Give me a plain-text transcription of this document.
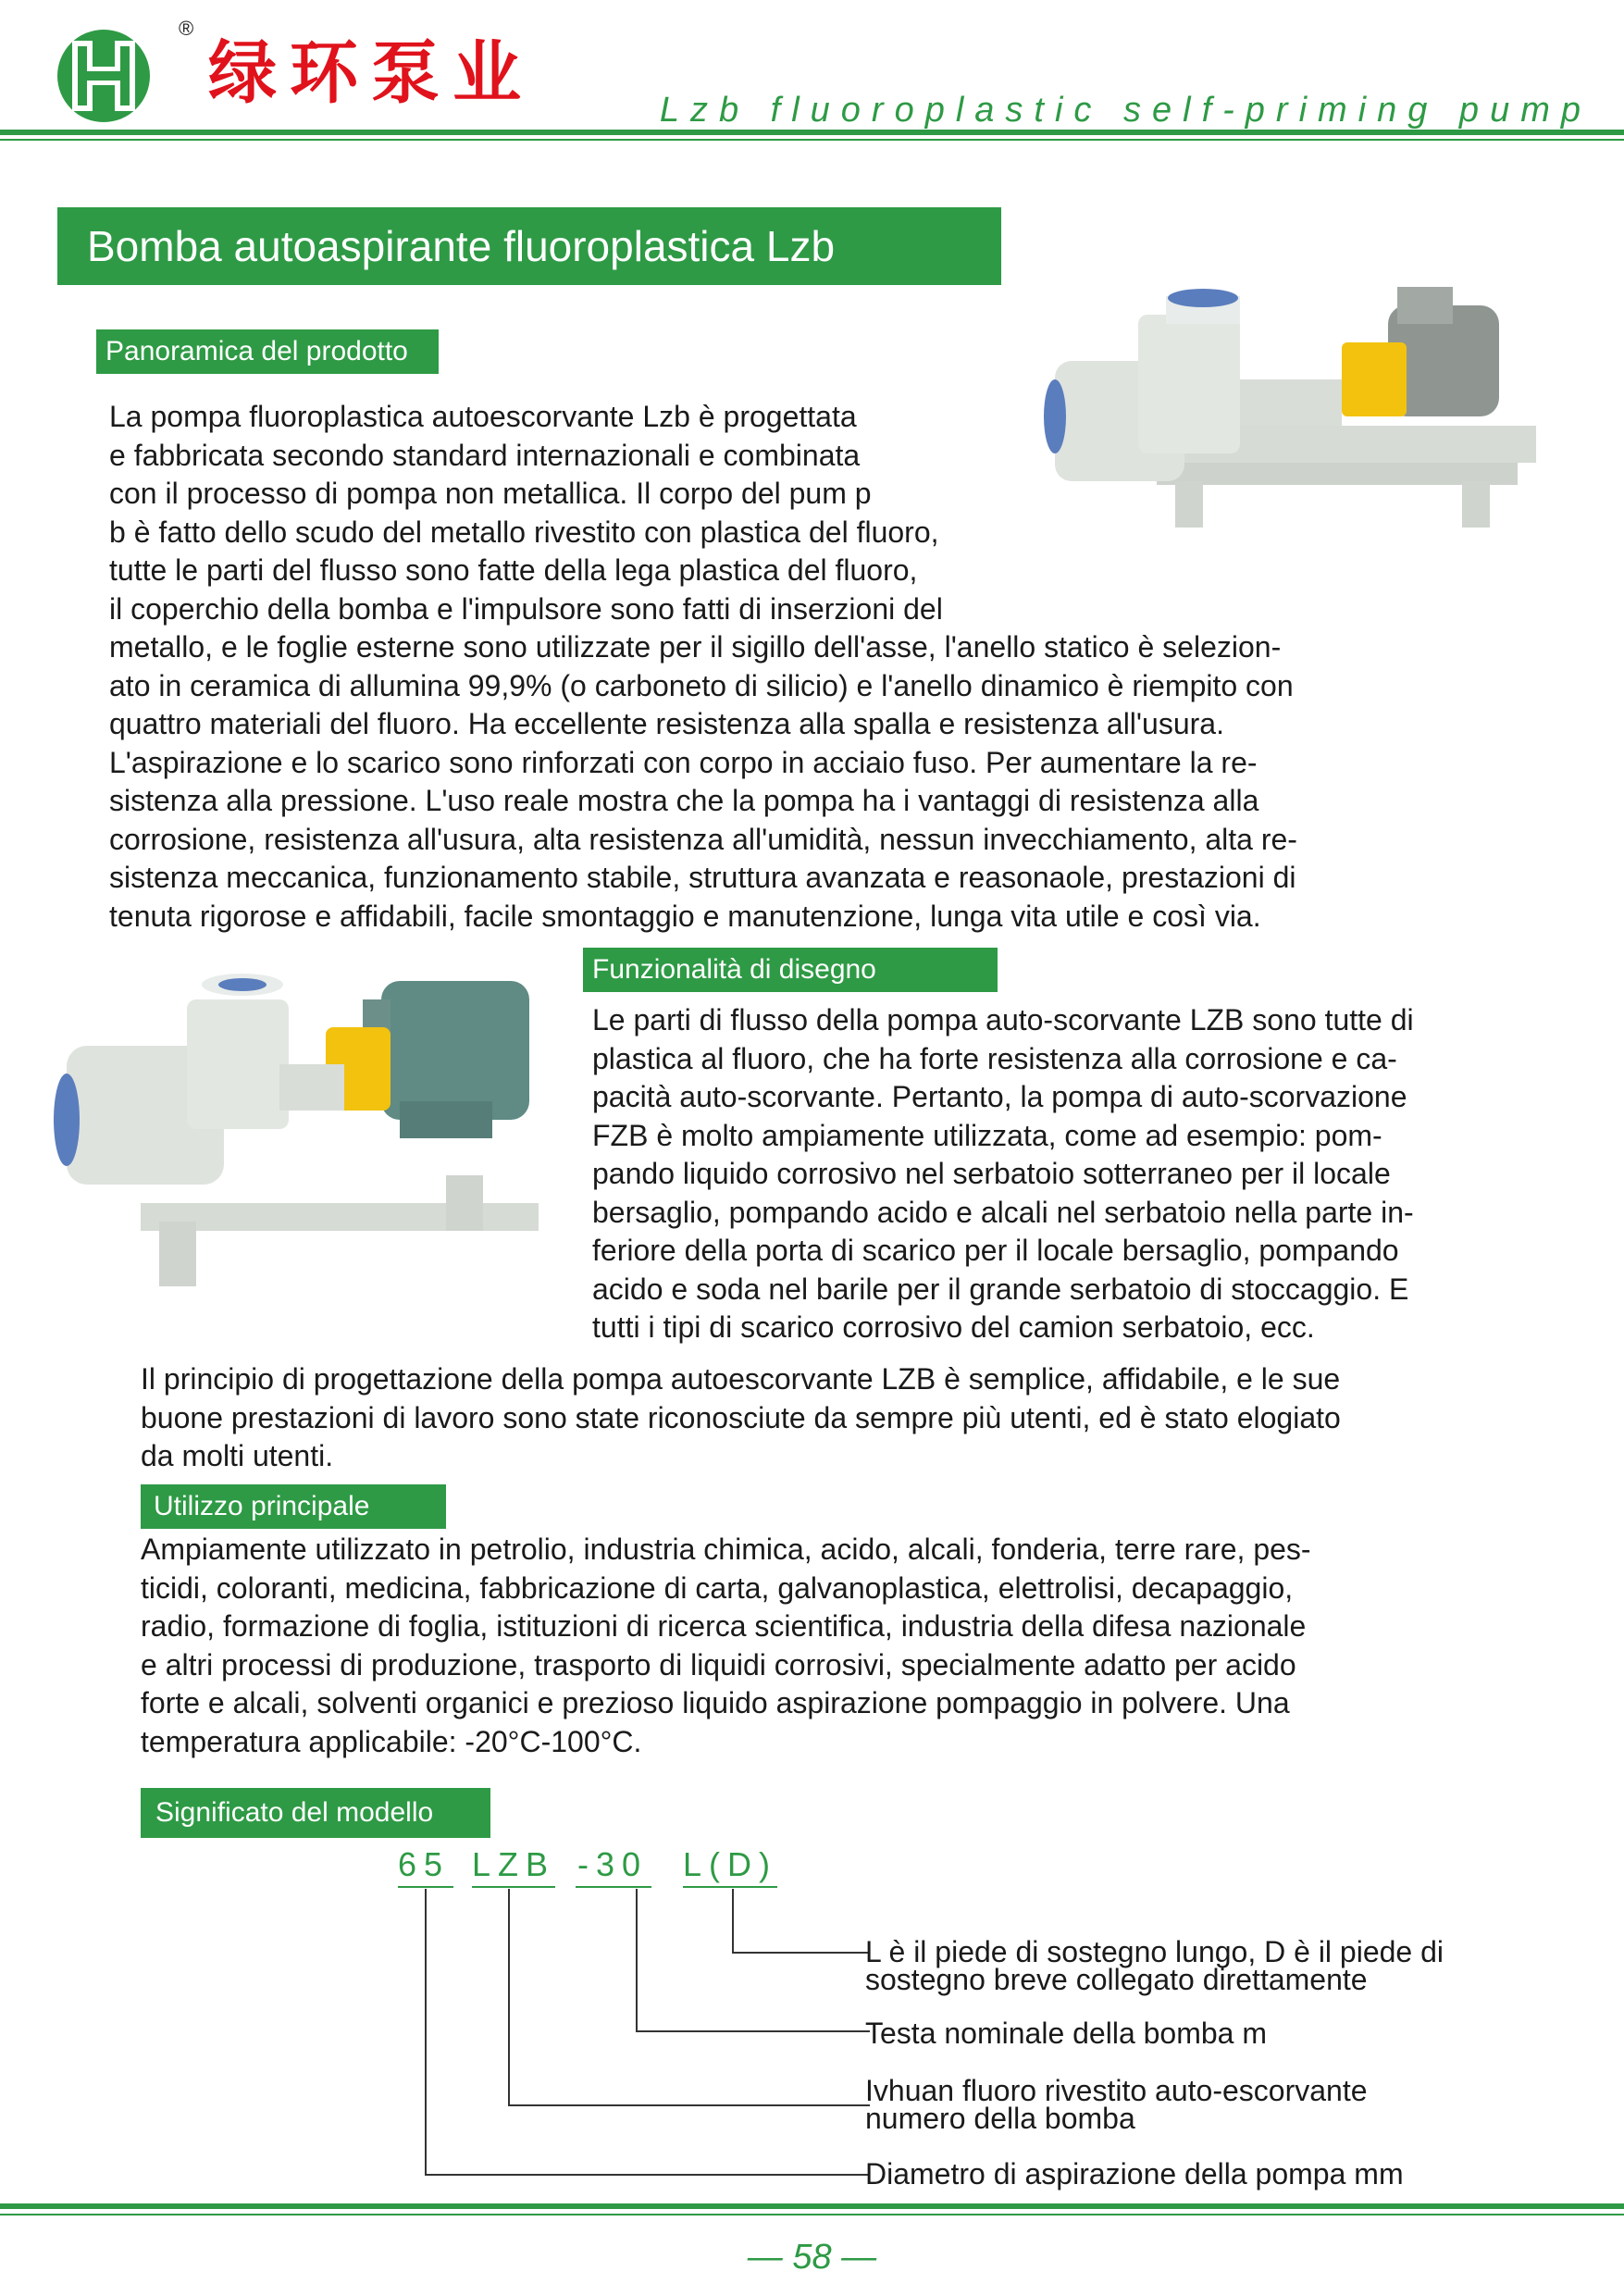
®
绿环泵业	Lzb fluoroplastic self-priming pump
Bomba autoaspirante fluoroplastica Lzb
Panoramica del prodotto

La pompa fluoroplastica autoescorvante Lzb è progettata

e fabbricata secondo standard internazionali e combinata

con il processo di pompa non metallica. Il corpo del pum p

b è fatto dello scudo del metallo rivestito con plastica del fluoro,

tutte le parti del flusso sono fatte della lega plastica del fluoro,

il coperchio della bomba e l'impulsore sono fatti di inserzioni del

metallo, e le foglie esterne sono utilizzate per il sigillo dell'asse, l'anello statico è selezion-

ato in ceramica di allumina 99,9% (o carboneto di silicio) e l'anello dinamico è riempito con

quattro materiali del fluoro. Ha eccellente resistenza alla spalla e resistenza all'usura.

L'aspirazione e lo scarico sono rinforzati con corpo in acciaio fuso. Per aumentare la re-

sistenza alla pressione. L'uso reale mostra che la pompa ha i vantaggi di resistenza alla

corrosione, resistenza all'usura, alta resistenza all'umidità, nessun invecchiamento, alta re-

sistenza meccanica, funzionamento stabile, struttura avanzata e reasonaole, prestazioni di

tenuta rigorose e affidabili, facile smontaggio e manutenzione, lunga vita utile e così via.

Funzionalità di disegno

Le parti di flusso della pompa auto-scorvante LZB sono tutte di

plastica al fluoro, che ha forte resistenza alla corrosione e ca-

pacità auto-scorvante. Pertanto, la pompa di auto-scorvazione

FZB è molto ampiamente utilizzata, come ad esempio: pom-

pando liquido corrosivo nel serbatoio sotterraneo per il locale

bersaglio, pompando acido e alcali nel serbatoio nella parte in-

feriore della porta di scarico per il locale bersaglio, pompando

acido e soda nel barile per il grande serbatoio di stoccaggio. E

tutti i tipi di scarico corrosivo del camion serbatoio, ecc.

Il principio di progettazione della pompa autoescorvante LZB è semplice, affidabile, e le sue

buone prestazioni di lavoro sono state riconosciute da sempre più utenti, ed è stato elogiato

da molti utenti.

Utilizzo principale

Ampiamente utilizzato in petrolio, industria chimica, acido, alcali, fonderia, terre rare, pes-

ticidi, coloranti, medicina, fabbricazione di carta, galvanoplastica, elettrolisi, decapaggio,

radio, formazione di foglia, istituzioni di ricerca scientifica, industria della difesa nazionale

e altri processi di produzione, trasporto di liquidi corrosivi, specialmente adatto per acido

forte e alcali, solventi organici e prezioso liquido aspirazione pompaggio in polvere. Una

temperatura applicabile: -20°C-100°C.

Significato del modello
65 LZB -30 L(D)
L è il piede di sostegno lungo, D è il piede di
sostegno breve collegato direttamente
Testa nominale della bomba m
Ivhuan fluoro rivestito auto-escorvante
numero della bomba
Diametro di aspirazione della pompa mm
— 58 —
